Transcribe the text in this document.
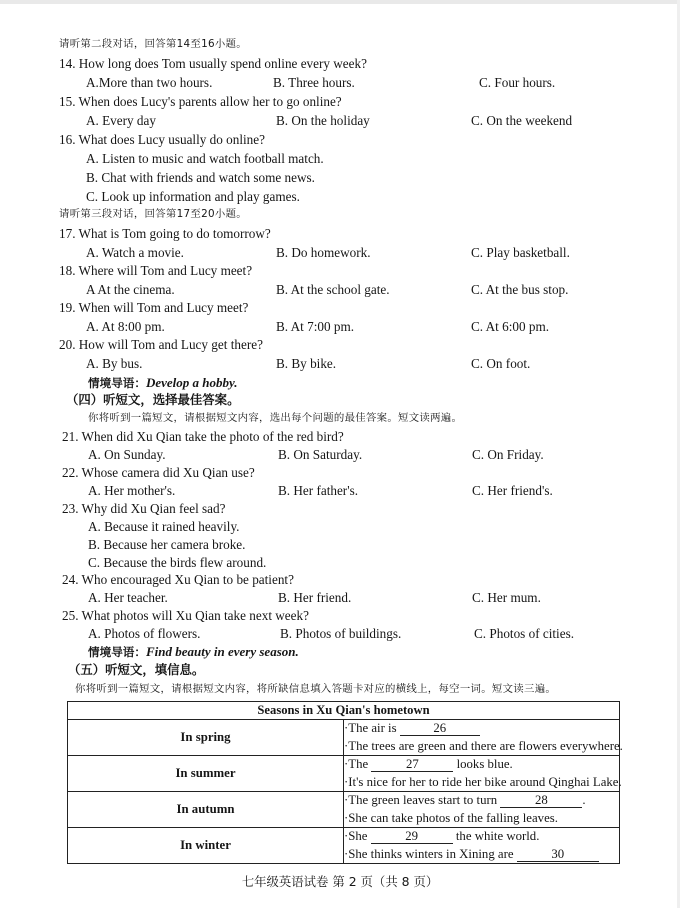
请听第二段对话，回答第14至16小题。
14. How long does Tom usually spend online every week?
A.More than two hours.	B. Three hours.	C. Four hours.
15. When does Lucy's parents allow her to go online?
A. Every day	B. On the holiday	C. On the weekend
16. What does Lucy usually do online?
A. Listen to music and watch football match.
B. Chat with friends and watch some news.
C. Look up information and play games.
请听第三段对话，回答第17至20小题。
17. What is Tom going to do tomorrow?
A. Watch a movie.	B. Do homework.	C. Play basketball.
18. Where will Tom and Lucy meet?
A At the cinema.	B. At the school gate.	C. At the bus stop.
19. When will Tom and Lucy meet?
A. At 8:00 pm.	B. At 7:00 pm.	C. At 6:00 pm.
20. How will Tom and Lucy get there?
A. By bus.	B. By bike.	C. On foot.
情境导语：Develop a hobby.
（四）听短文，选择最佳答案。
你将听到一篇短文，请根据短文内容，选出每个问题的最佳答案。短文读两遍。
21. When did Xu Qian take the photo of the red bird?
A. On Sunday.	B. On Saturday.	C. On Friday.
22. Whose camera did Xu Qian use?
A. Her mother's.	B. Her father's.	C. Her friend's.
23. Why did Xu Qian feel sad?
A. Because it rained heavily.
B. Because her camera broke.
C. Because the birds flew around.
24. Who encouraged Xu Qian to be patient?
A. Her teacher.	B. Her friend.	C. Her mum.
25. What photos will Xu Qian take next week?
A. Photos of flowers.	B. Photos of buildings.	C. Photos of cities.
情境导语：Find beauty in every season.
（五）听短文，填信息。
你将听到一篇短文，请根据短文内容，将所缺信息填入答题卡对应的横线上，每空一词。短文读三遍。
Seasons in Xu Qian's hometown	
In spring	·The air is 26
·The trees are green and there are flowers everywhere.

In summer	·The 27 looks blue.
·It's nice for her to ride her bike around Qinghai Lake.

In autumn	·The green leaves start to turn 28 .
·She can take photos of the falling leaves.

In winter	·She 29 the white world.
·She thinks winters in Xining are 30
七年级英语试卷 第 2 页（共 8 页）
